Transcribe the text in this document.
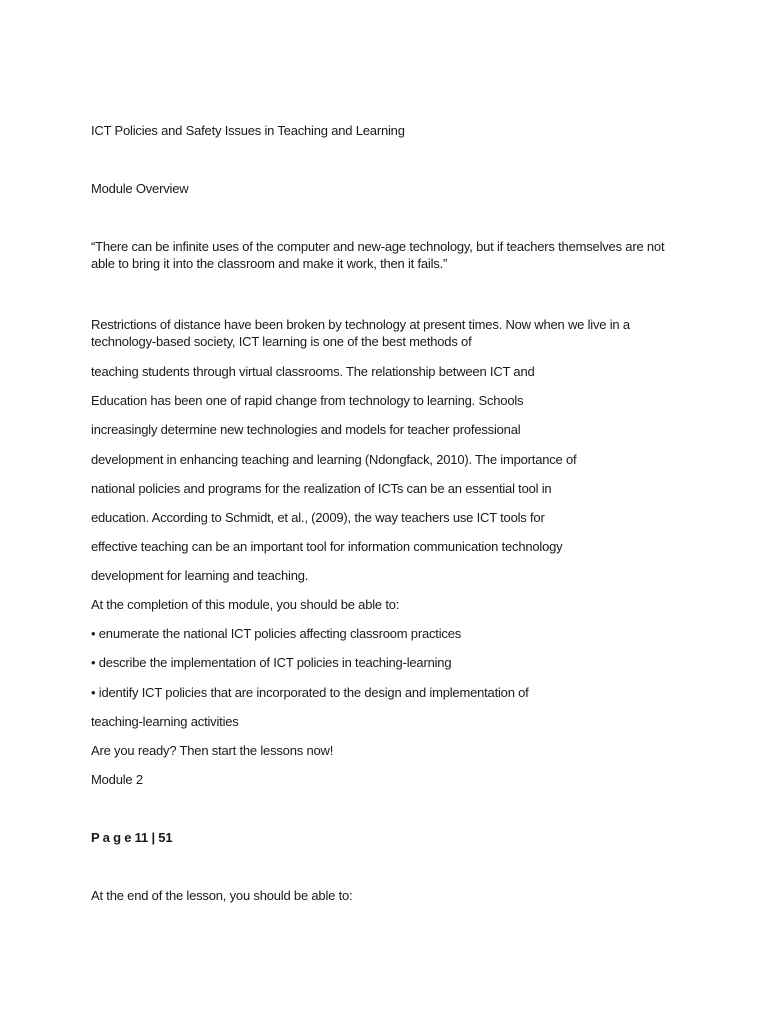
ICT Policies and Safety Issues in Teaching and Learning
Module Overview
“There can be infinite uses of the computer and new-age technology, but if teachers themselves are not able to bring it into the classroom and make it work, then it fails.”
Restrictions of distance have been broken by technology at present times. Now when we live in a technology-based society, ICT learning is one of the best methods of
teaching students through virtual classrooms. The relationship between ICT and
Education has been one of rapid change from technology to learning. Schools
increasingly determine new technologies and models for teacher professional
development in enhancing teaching and learning (Ndongfack, 2010). The importance of
national policies and programs for the realization of ICTs can be an essential tool in
education. According to Schmidt, et al., (2009), the way teachers use ICT tools for
effective teaching can be an important tool for information communication technology
development for learning and teaching.
At the completion of this module, you should be able to:
• enumerate the national ICT policies affecting classroom practices
• describe the implementation of ICT policies in teaching-learning
• identify ICT policies that are incorporated to the design and implementation of
teaching-learning activities
Are you ready? Then start the lessons now!
Module 2
P a g e 11 | 51
At the end of the lesson, you should be able to:
